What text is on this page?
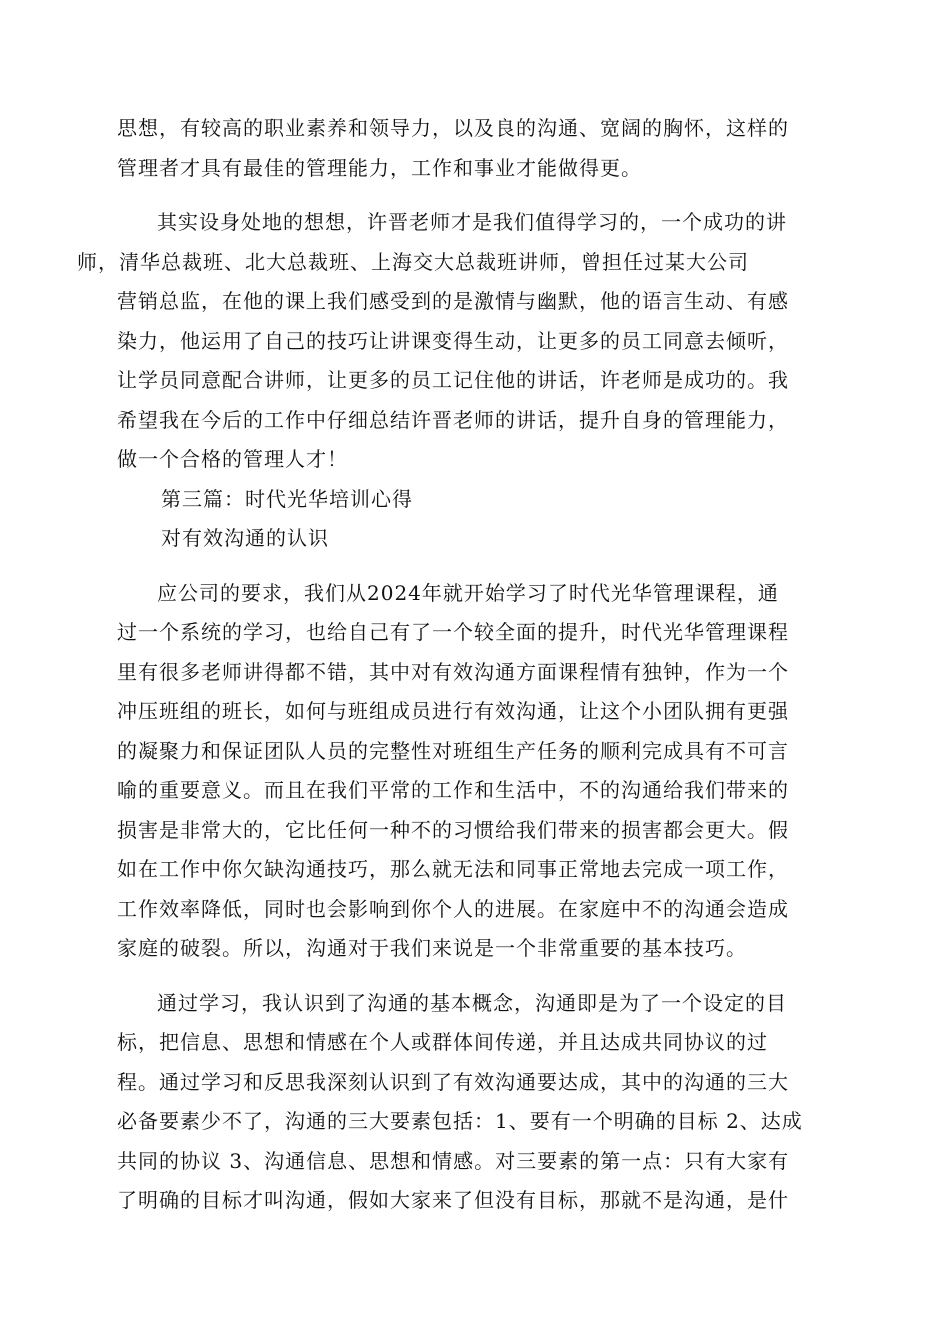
思想，有较高的职业素养和领导力，以及良的沟通、宽阔的胸怀，这样的
管理者才具有最佳的管理能力，工作和事业才能做得更。

其实设身处地的想想，许晋老师才是我们值得学习的，一个成功的讲
师，清华总裁班、北大总裁班、上海交大总裁班讲师，曾担任过某大公司
营销总监，在他的课上我们感受到的是激情与幽默，他的语言生动、有感
染力，他运用了自己的技巧让讲课变得生动，让更多的员工同意去倾听，
让学员同意配合讲师，让更多的员工记住他的讲话，许老师是成功的。我
希望我在今后的工作中仔细总结许晋老师的讲话，提升自身的管理能力，
做一个合格的管理人才！

第三篇：时代光华培训心得

对有效沟通的认识

应公司的要求，我们从2024年就开始学习了时代光华管理课程，通
过一个系统的学习，也给自己有了一个较全面的提升，时代光华管理课程
里有很多老师讲得都不错，其中对有效沟通方面课程情有独钟，作为一个
冲压班组的班长，如何与班组成员进行有效沟通，让这个小团队拥有更强
的凝聚力和保证团队人员的完整性对班组生产任务的顺利完成具有不可言
喻的重要意义。而且在我们平常的工作和生活中，不的沟通给我们带来的
损害是非常大的，它比任何一种不的习惯给我们带来的损害都会更大。假
如在工作中你欠缺沟通技巧，那么就无法和同事正常地去完成一项工作，
工作效率降低，同时也会影响到你个人的进展。在家庭中不的沟通会造成
家庭的破裂。所以，沟通对于我们来说是一个非常重要的基本技巧。

通过学习，我认识到了沟通的基本概念，沟通即是为了一个设定的目
标，把信息、思想和情感在个人或群体间传递，并且达成共同协议的过
程。通过学习和反思我深刻认识到了有效沟通要达成，其中的沟通的三大
必备要素少不了，沟通的三大要素包括：1、要有一个明确的目标 2、达成
共同的协议 3、沟通信息、思想和情感。对三要素的第一点：只有大家有
了明确的目标才叫沟通，假如大家来了但没有目标，那就不是沟通，是什
